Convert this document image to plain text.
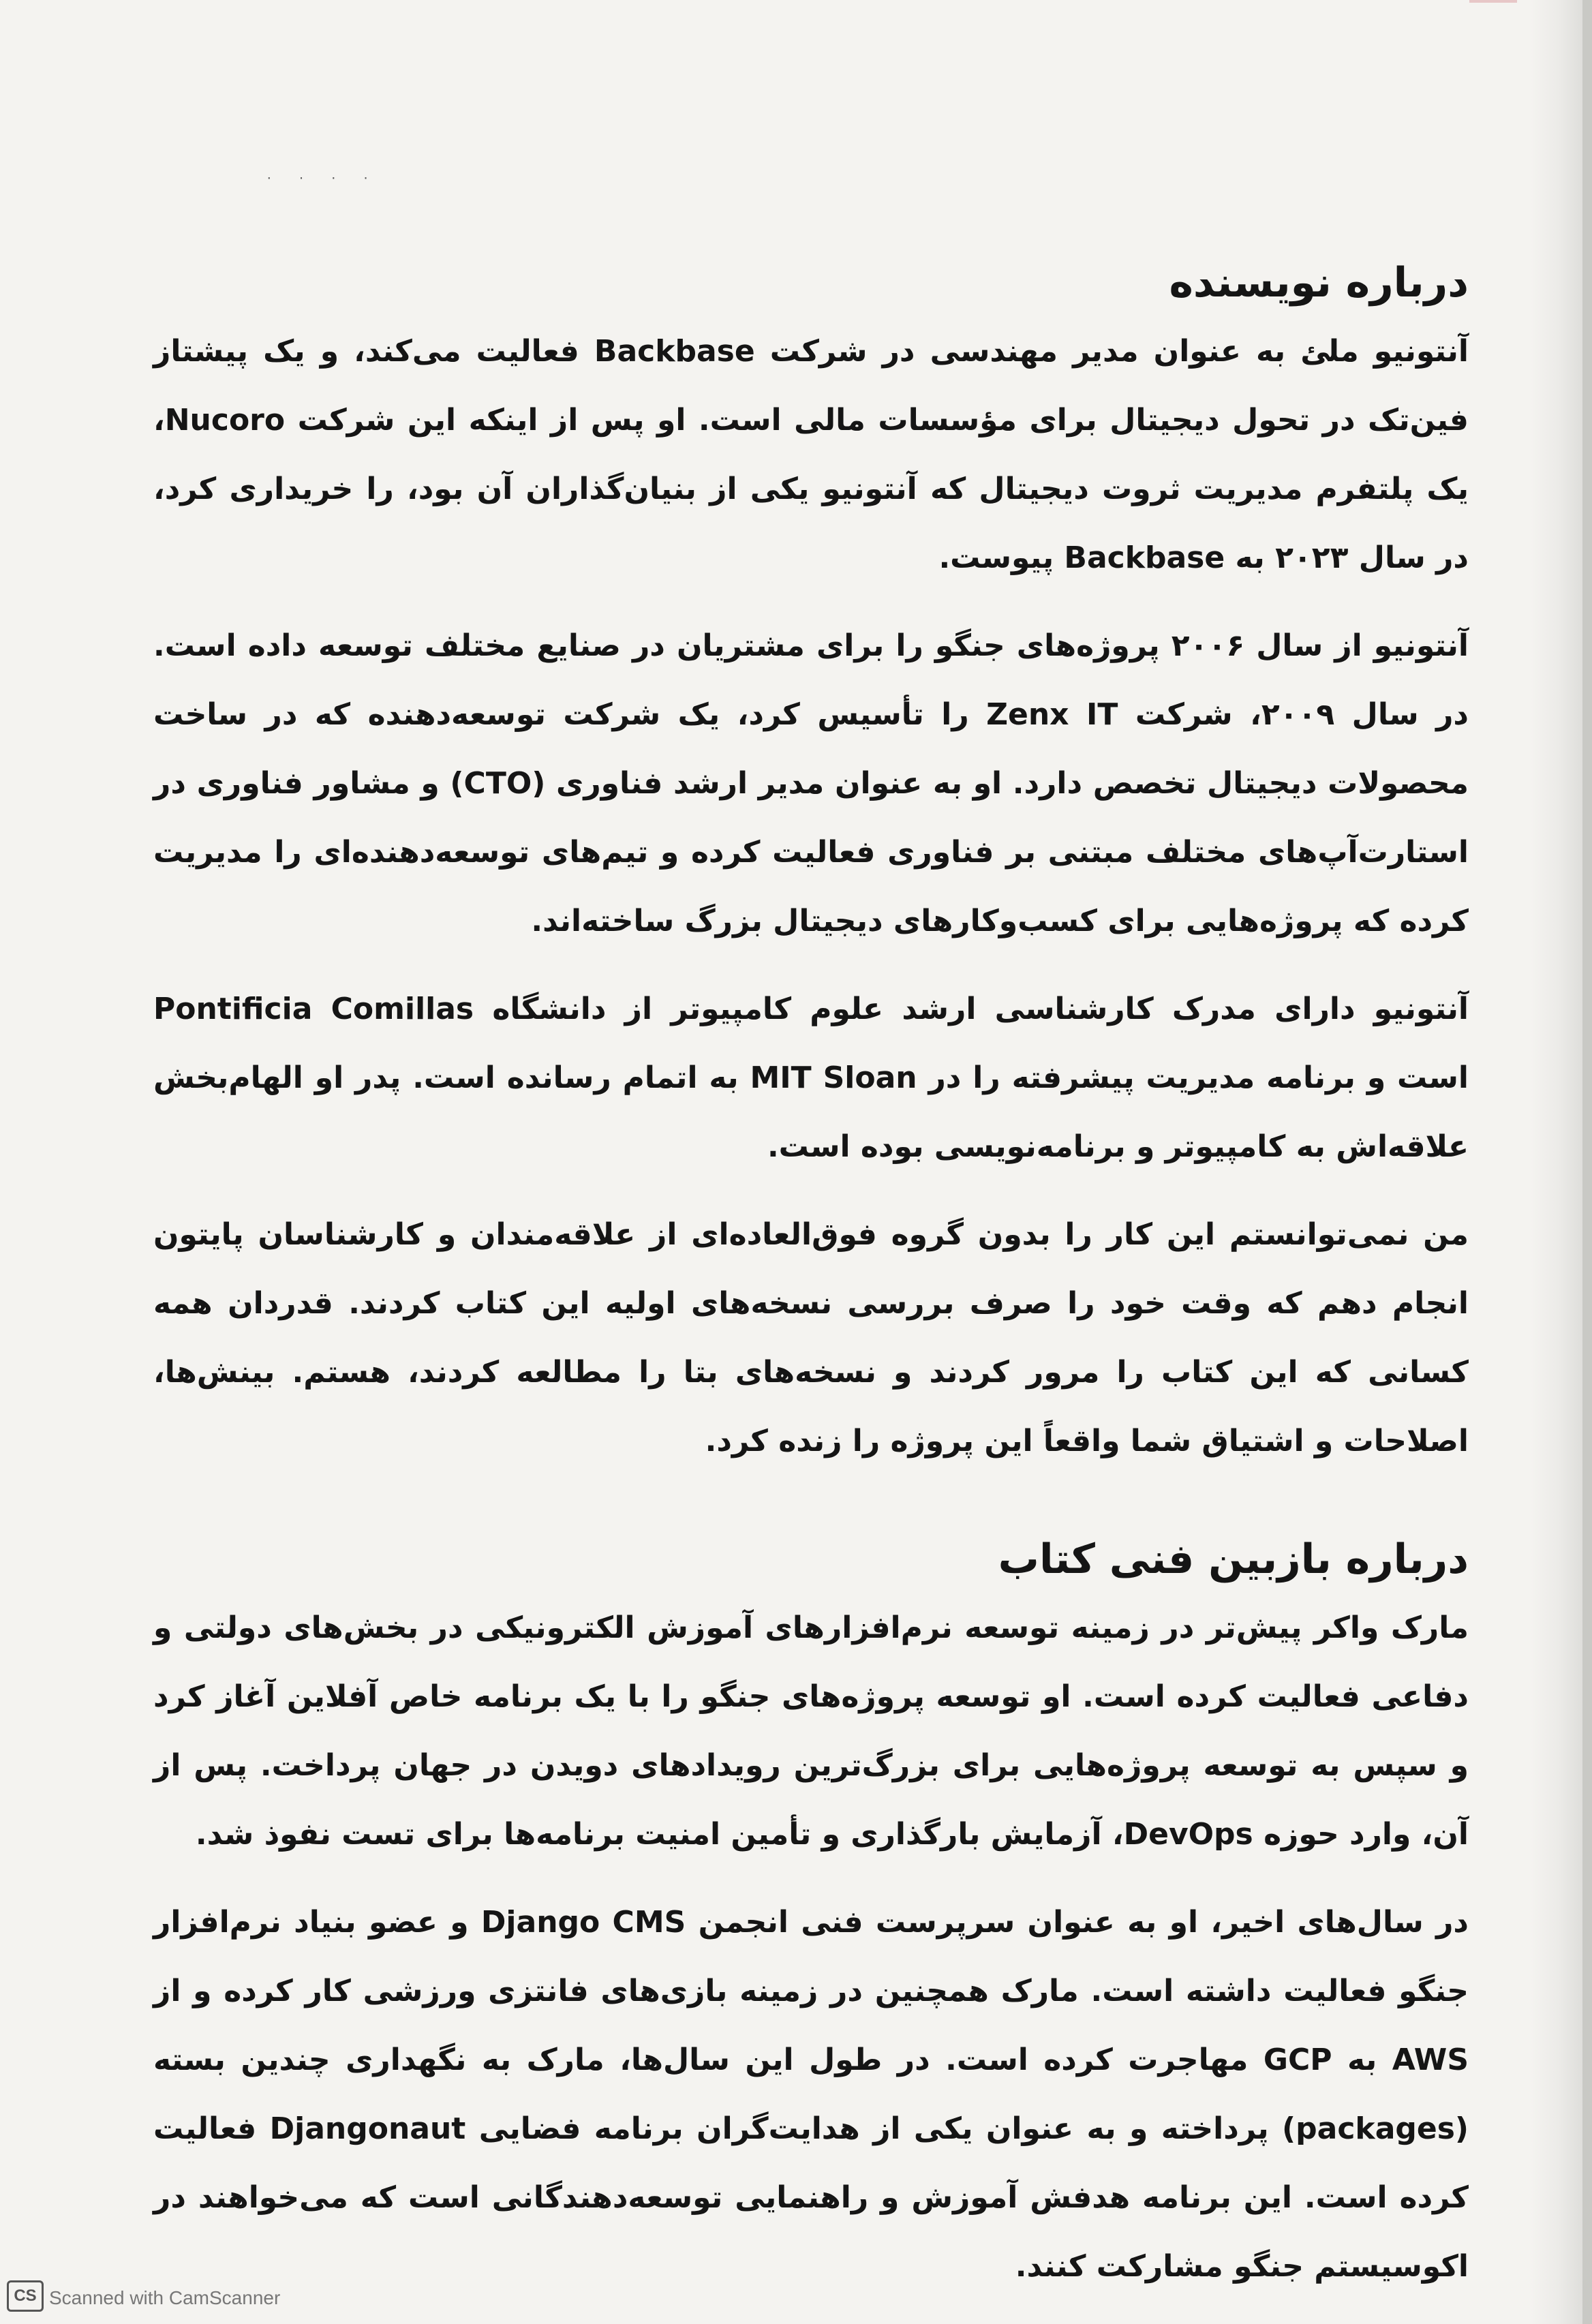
· · · ·
درباره نویسنده

آنتونیو ملئ به عنوان مدیر مهندسی در شرکت Backbase فعالیت می‌کند، و یک پیشتاز فین‌تک در تحول دیجیتال برای مؤسسات مالی است. او پس از اینکه این شرکت Nucoro، یک پلتفرم مدیریت ثروت دیجیتال که آنتونیو یکی از بنیان‌گذاران آن بود، را خریداری کرد، در سال ۲۰۲۳ به Backbase پیوست.

آنتونیو از سال ۲۰۰۶ پروژه‌های جنگو را برای مشتریان در صنایع مختلف توسعه داده است. در سال ۲۰۰۹، شرکت Zenx IT را تأسیس کرد، یک شرکت توسعه‌دهنده که در ساخت محصولات دیجیتال تخصص دارد. او به عنوان مدیر ارشد فناوری (CTO) و مشاور فناوری در استارت‌آپ‌های مختلف مبتنی بر فناوری فعالیت کرده و تیم‌های توسعه‌دهنده‌ای را مدیریت کرده که پروژه‌هایی برای کسب‌وکارهای دیجیتال بزرگ ساخته‌اند.

آنتونیو دارای مدرک کارشناسی ارشد علوم کامپیوتر از دانشگاه Pontificia Comillas است و برنامه مدیریت پیشرفته را در MIT Sloan به اتمام رسانده است. پدر او الهام‌بخش علاقه‌اش به کامپیوتر و برنامه‌نویسی بوده است.

من نمی‌توانستم این کار را بدون گروه فوق‌العاده‌ای از علاقه‌مندان و کارشناسان پایتون انجام دهم که وقت خود را صرف بررسی نسخه‌های اولیه این کتاب کردند. قدردان همه کسانی که این کتاب را مرور کردند و نسخه‌های بتا را مطالعه کردند، هستم. بینش‌ها، اصلاحات و اشتیاق شما واقعاً این پروژه را زنده کرد.

درباره بازبین فنی کتاب

مارک واکر پیش‌تر در زمینه توسعه نرم‌افزارهای آموزش الکترونیکی در بخش‌های دولتی و دفاعی فعالیت کرده است. او توسعه پروژه‌های جنگو را با یک برنامه خاص آفلاین آغاز کرد و سپس به توسعه پروژه‌هایی برای بزرگ‌ترین رویدادهای دویدن در جهان پرداخت. پس از آن، وارد حوزه DevOps، آزمایش بارگذاری و تأمین امنیت برنامه‌ها برای تست نفوذ شد.

در سال‌های اخیر، او به عنوان سرپرست فنی انجمن Django CMS و عضو بنیاد نرم‌افزار جنگو فعالیت داشته است. مارک همچنین در زمینه بازی‌های فانتزی ورزشی کار کرده و از AWS به GCP مهاجرت کرده است. در طول این سال‌ها، مارک به نگهداری چندین بسته (packages) پرداخته و به عنوان یکی از هدایت‌گران برنامه فضایی Djangonaut فعالیت کرده است. این برنامه هدفش آموزش و راهنمایی توسعه‌دهندگانی است که می‌خواهند در اکوسیستم جنگو مشارکت کنند.

CS Scanned with CamScanner
